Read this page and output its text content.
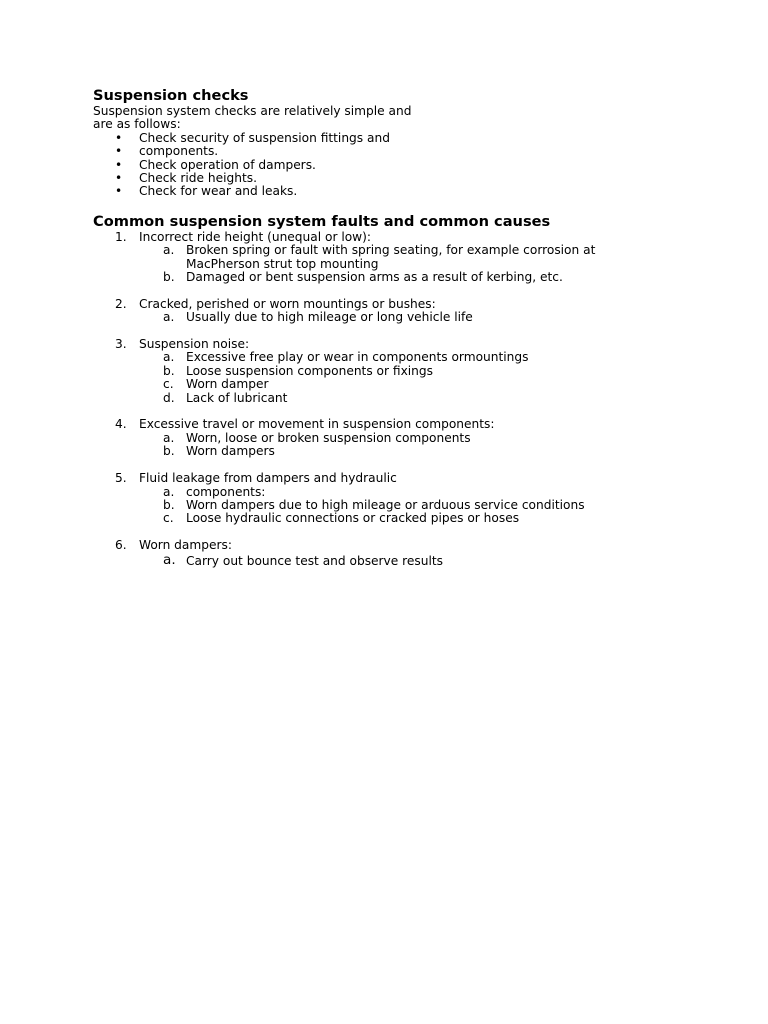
Suspension checks

Suspension system checks are relatively simple and are as follows:

• Check security of suspension fittings and
• components.
• Check operation of dampers.
• Check ride heights.
• Check for wear and leaks.
Common suspension system faults and common causes
1. Incorrect ride height (unequal or low):
a. Broken spring or fault with spring seating, for example corrosion at MacPherson strut top mounting
b. Damaged or bent suspension arms as a result of kerbing, etc.
2. Cracked, perished or worn mountings or bushes:
a. Usually due to high mileage or long vehicle life
3. Suspension noise:
a. Excessive free play or wear in components ormountings
b. Loose suspension components or fixings
c. Worn damper
d. Lack of lubricant
4. Excessive travel or movement in suspension components:
a. Worn, loose or broken suspension components
b. Worn dampers
5. Fluid leakage from dampers and hydraulic
a. components:
b. Worn dampers due to high mileage or arduous service conditions
c. Loose hydraulic connections or cracked pipes or hoses
6. Worn dampers:
a. Carry out bounce test and observe results
